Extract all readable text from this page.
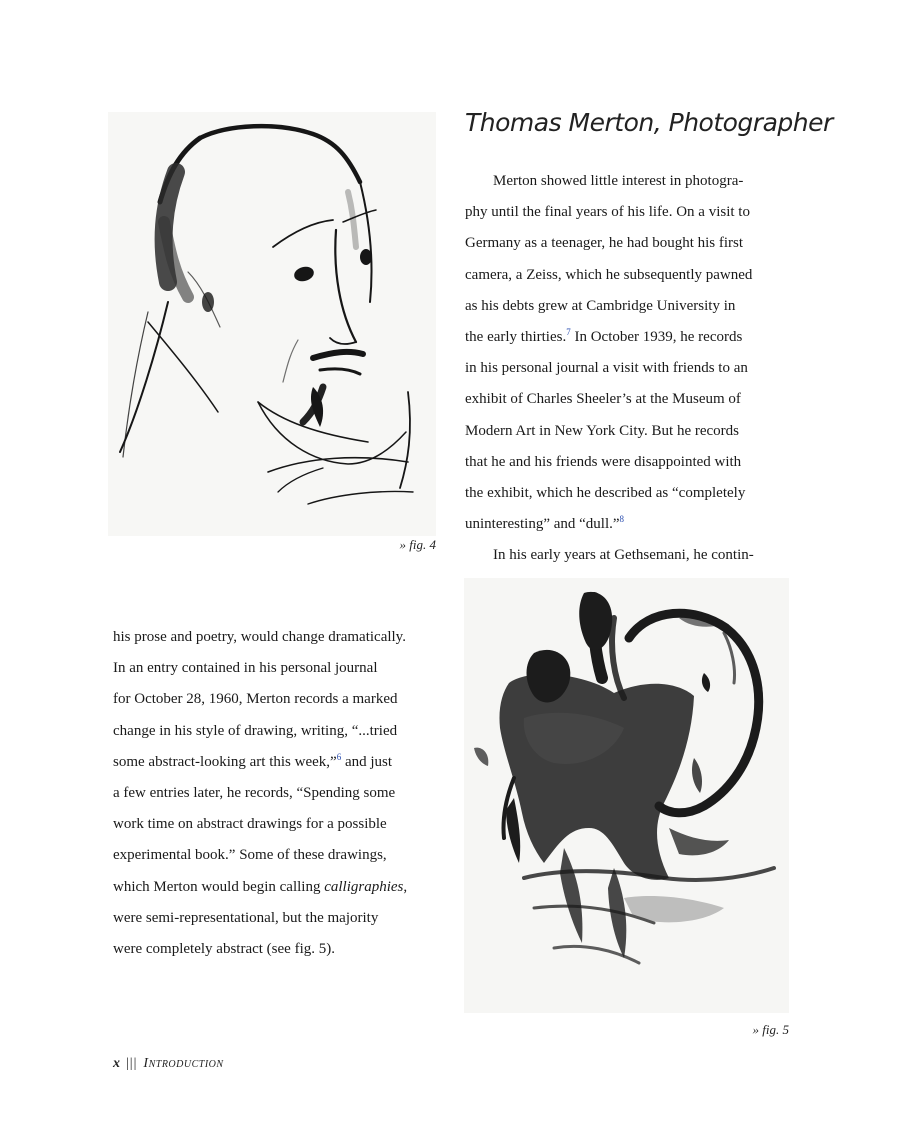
» fig. 4
» fig. 5
Thomas Merton, Photographer
Merton showed little interest in photogra-
phy until the final years of his life. On a visit to
Germany as a teenager, he had bought his first
camera, a Zeiss, which he subsequently pawned
as his debts grew at Cambridge University in
the early thirties.$^7$ In October 1939, he records
in his personal journal a visit with friends to an
exhibit of Charles Sheeler’s at the Museum of
Modern Art in New York City. But he records
that he and his friends were disappointed with
the exhibit, which he described as “completely
uninteresting” and “dull.”$^8$
In his early years at Gethsemani, he contin-
his prose and poetry, would change dramatically.
In an entry contained in his personal journal
for October 28, 1960, Merton records a marked
change in his style of drawing, writing, “...tried
some abstract-looking art this week,”$^6$ and just
a few entries later, he records, “Spending some
work time on abstract drawings for a possible
experimental book.” Some of these drawings,
which Merton would begin calling calligraphies,
were semi-representational, but the majority
were completely abstract (see fig. 5).
x ||| Introduction
